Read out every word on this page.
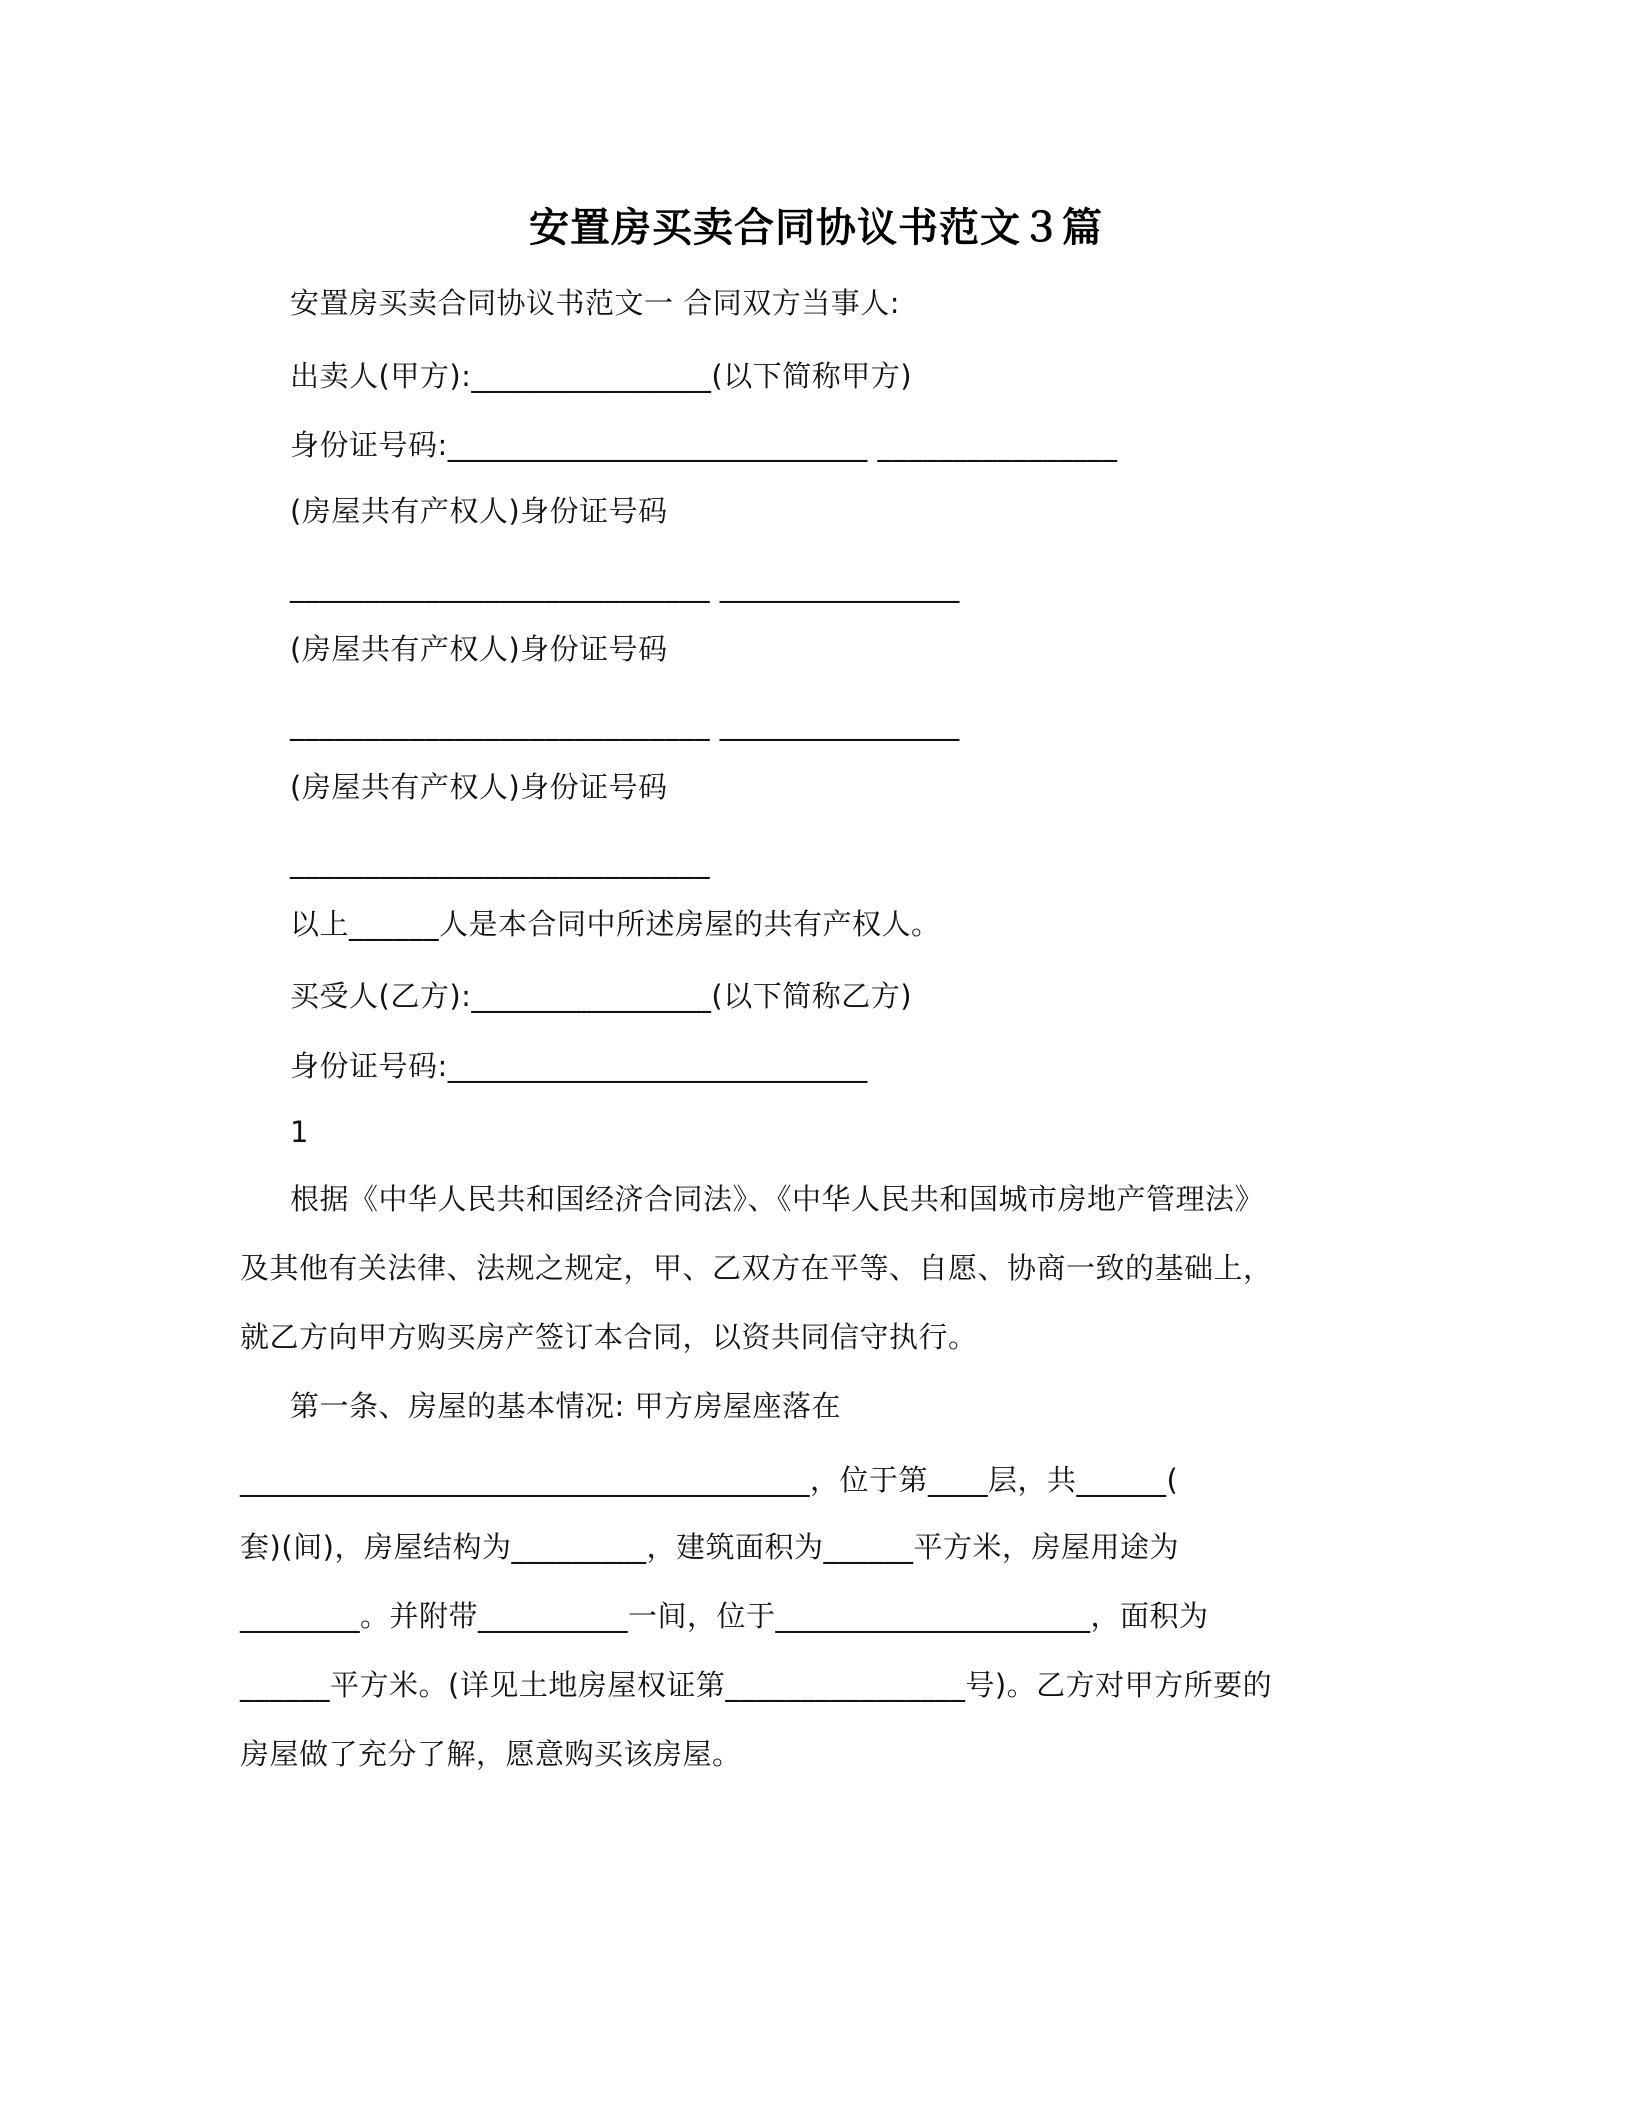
安置房买卖合同协议书范文３篇

安置房买卖合同协议书范文一 合同双方当事人:

出卖人(甲方):________________(以下简称甲方)

身份证号码:____________________________ ________________

(房屋共有产权人)身份证号码

____________________________ ________________

(房屋共有产权人)身份证号码

____________________________ ________________

(房屋共有产权人)身份证号码

____________________________

以上______人是本合同中所述房屋的共有产权人。

买受人(乙方):________________(以下简称乙方)

身份证号码:____________________________

1

根据《中华人民共和国经济合同法》、《中华人民共和国城市房地产管理法》

及其他有关法律、法规之规定，甲、乙双方在平等、自愿、协商一致的基础上，

就乙方向甲方购买房产签订本合同，以资共同信守执行。

第一条、房屋的基本情况: 甲方房屋座落在

______________________________________，位于第____层，共______(

套)(间)，房屋结构为_________，建筑面积为______平方米，房屋用途为

________。并附带__________一间，位于_____________________，面积为

______平方米。(详见土地房屋权证第________________号)。乙方对甲方所要的

房屋做了充分了解，愿意购买该房屋。
